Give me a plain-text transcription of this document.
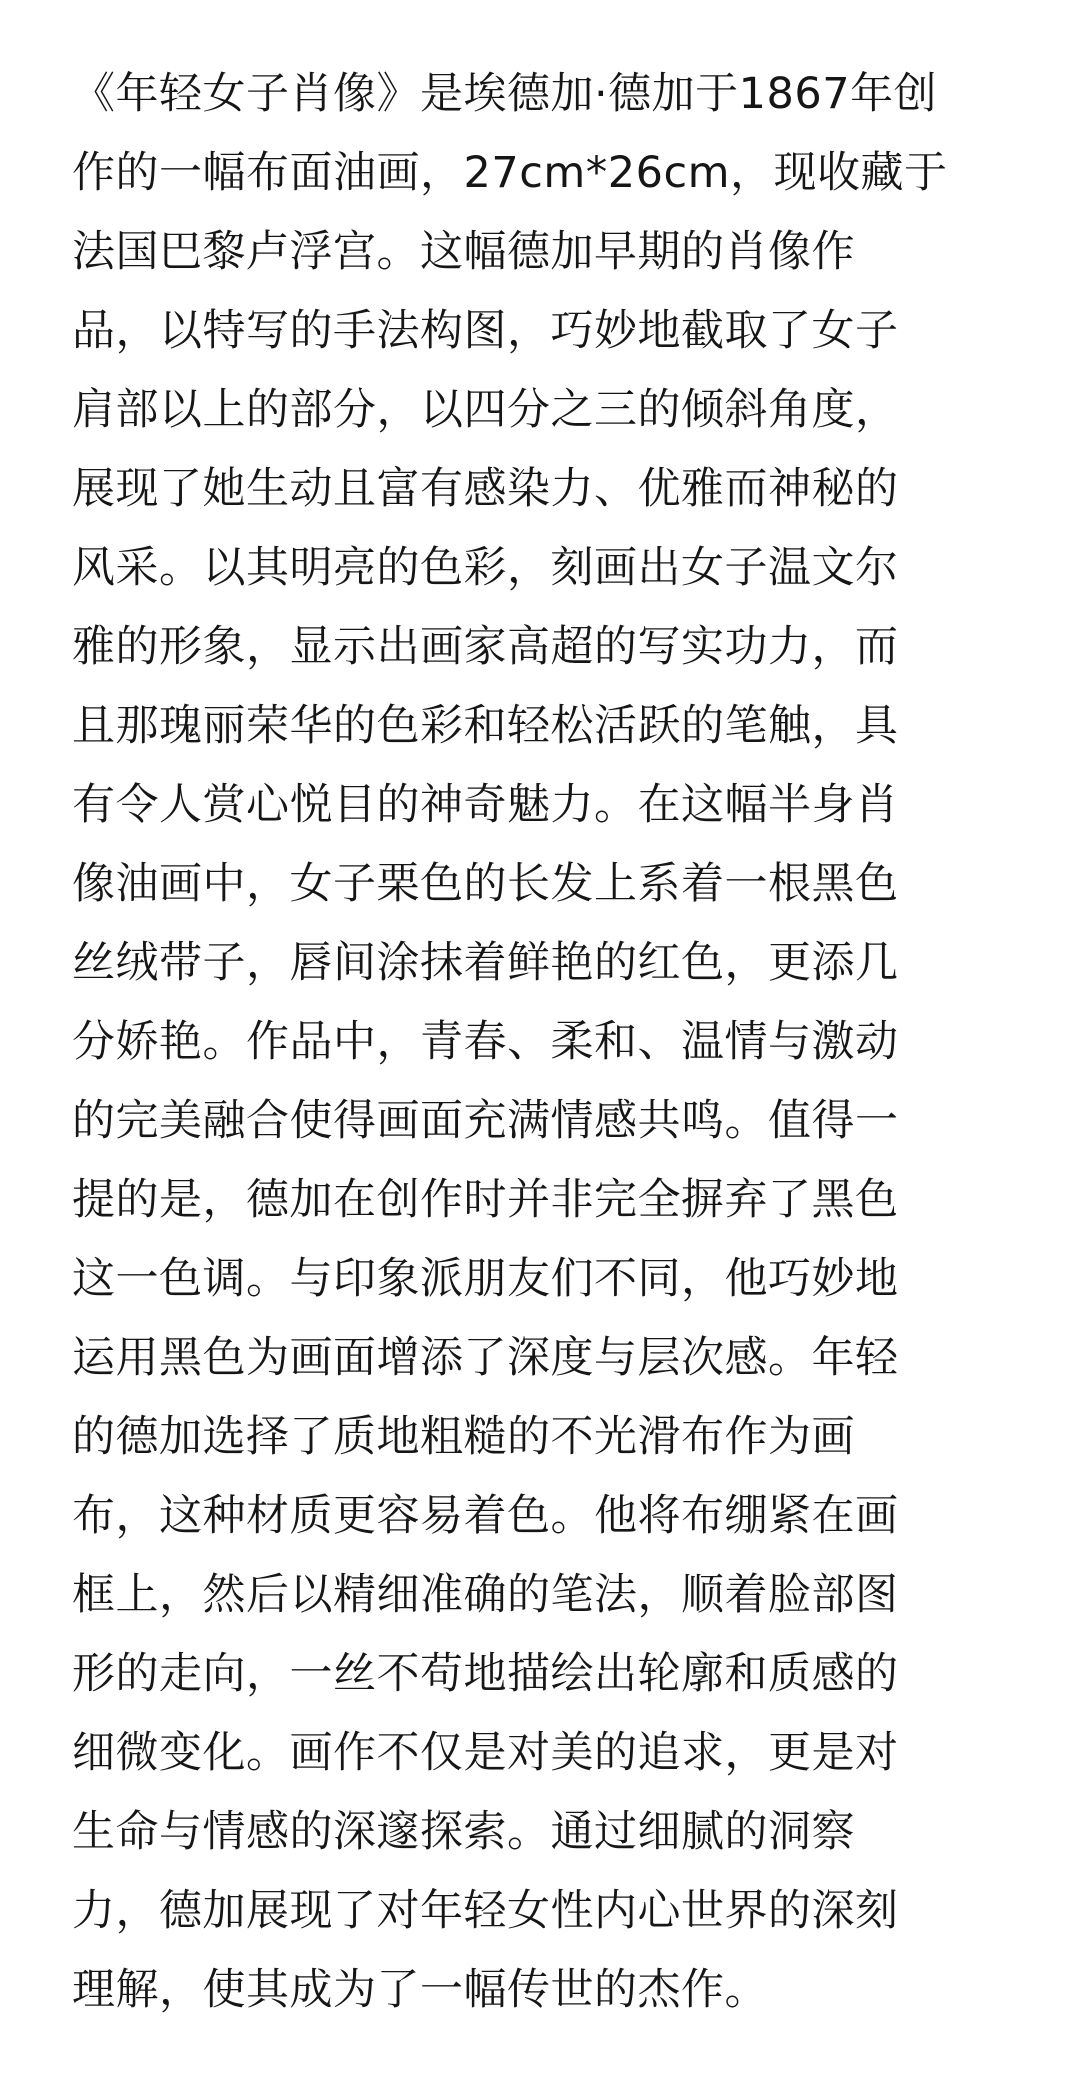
《年轻女子肖像》是埃德加·德加于1867年创
作的一幅布面油画，27cm*26cm，现收藏于
法国巴黎卢浮宫。这幅德加早期的肖像作
品，以特写的手法构图，巧妙地截取了女子
肩部以上的部分，以四分之三的倾斜角度，
展现了她生动且富有感染力、优雅而神秘的
风采。以其明亮的色彩，刻画出女子温文尔
雅的形象，显示出画家高超的写实功力，而
且那瑰丽荣华的色彩和轻松活跃的笔触，具
有令人赏心悦目的神奇魅力。在这幅半身肖
像油画中，女子栗色的长发上系着一根黑色
丝绒带子，唇间涂抹着鲜艳的红色，更添几
分娇艳。作品中，青春、柔和、温情与激动
的完美融合使得画面充满情感共鸣。值得一
提的是，德加在创作时并非完全摒弃了黑色
这一色调。与印象派朋友们不同，他巧妙地
运用黑色为画面增添了深度与层次感。年轻
的德加选择了质地粗糙的不光滑布作为画
布，这种材质更容易着色。他将布绷紧在画
框上，然后以精细准确的笔法，顺着脸部图
形的走向，一丝不苟地描绘出轮廓和质感的
细微变化。画作不仅是对美的追求，更是对
生命与情感的深邃探索。通过细腻的洞察
力，德加展现了对年轻女性内心世界的深刻
理解，使其成为了一幅传世的杰作。
